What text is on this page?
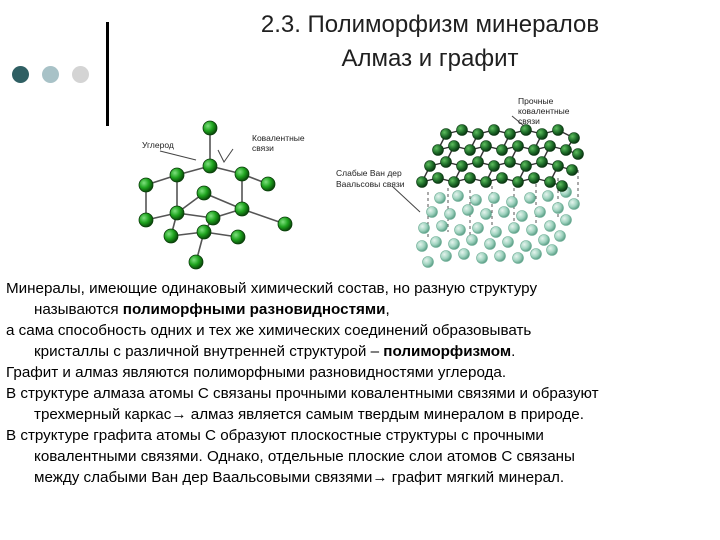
2.3. Полиморфизм минералов
Алмаз и графит
Углерод
Ковалентные
связи
Прочные
ковалентные
связи
Слабые Ван дер
Ваальсовы связи

Минералы, имеющие одинаковый химический состав, но разную структуру
называются полиморфными разновидностями,

а сама способность одних и тех же химических соединений образовывать
кристаллы с различной внутренней структурой – полиморфизмом.

Графит и алмаз являются полиморфными разновидностями углерода.

В структуре алмаза атомы С связаны прочными ковалентными связями и образуют
трехмерный каркас→ алмаз является самым твердым минералом в природе.

В структуре графита атомы С образуют плоскостные структуры с прочными
ковалентными связями. Однако, отдельные плоские слои атомов С связаны
между слабыми Ван дер Ваальсовыми связями→ графит мягкий минерал.
